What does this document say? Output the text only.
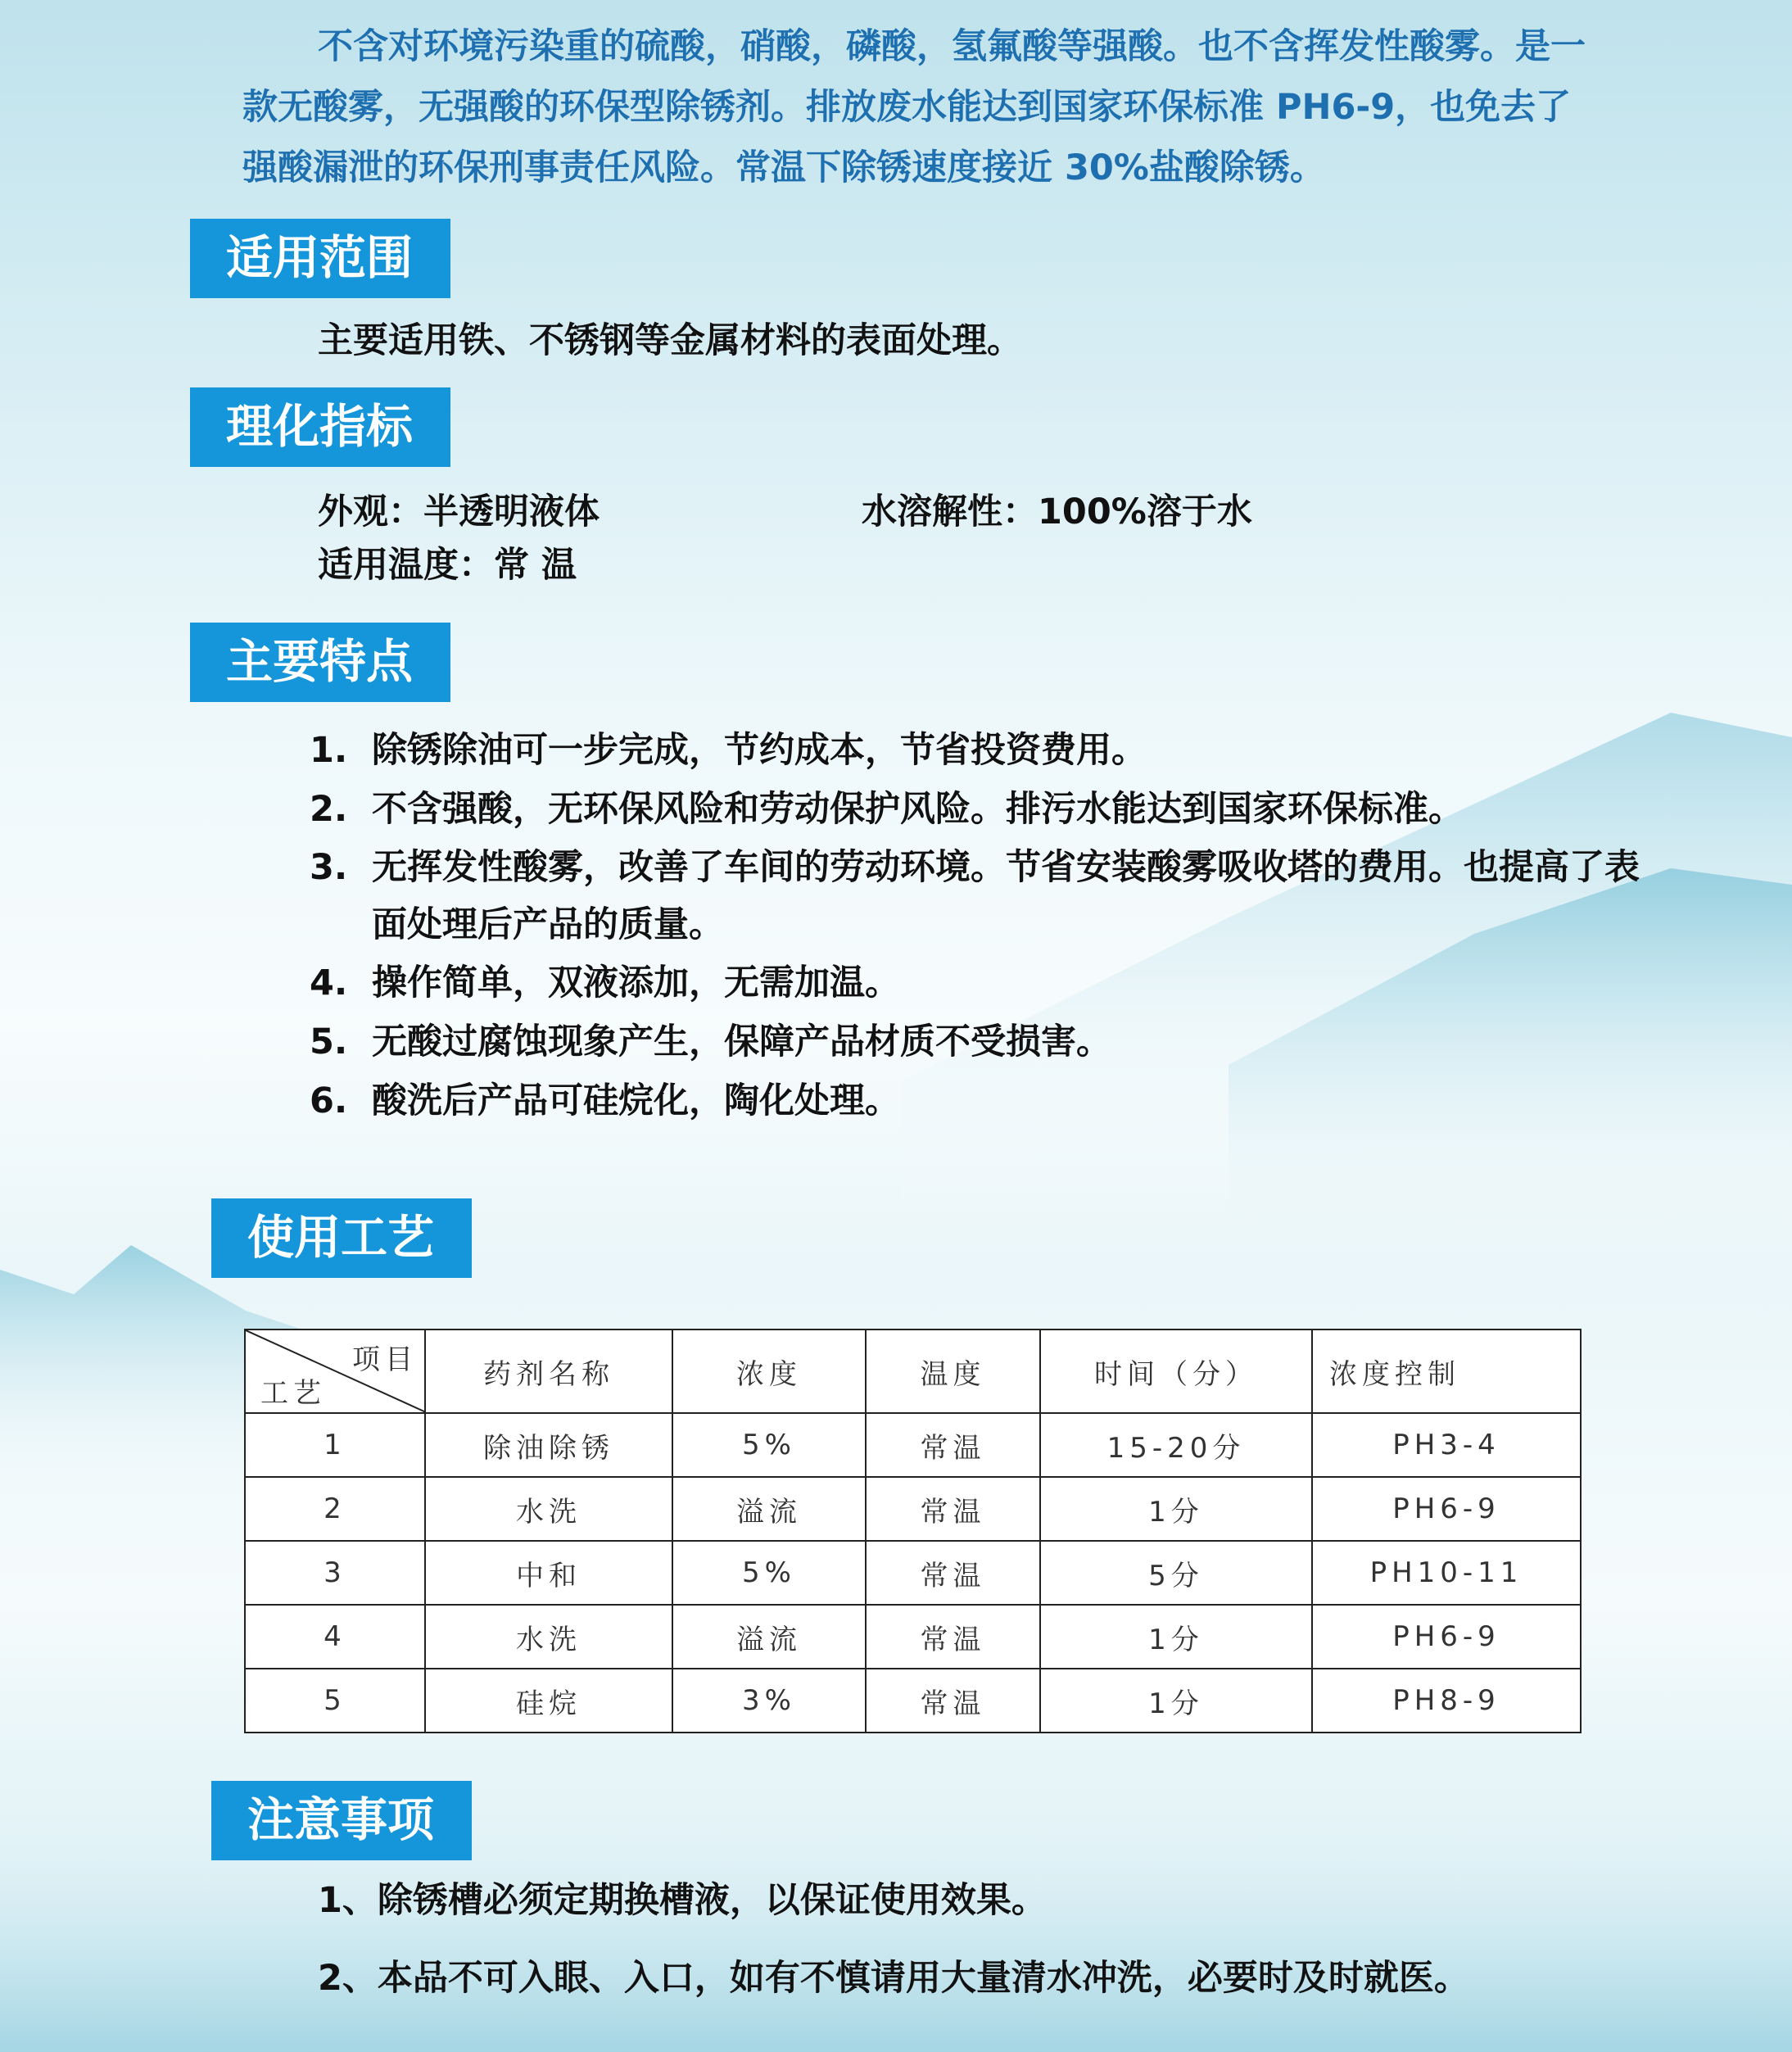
不含对环境污染重的硫酸，硝酸，磷酸，氢氟酸等强酸。也不含挥发性酸雾。是一

款无酸雾，无强酸的环保型除锈剂。排放废水能达到国家环保标准 PH6-9，也免去了

强酸漏泄的环保刑事责任风险。常温下除锈速度接近 30%盐酸除锈。

适用范围
主要适用铁、不锈钢等金属材料的表面处理。
理化指标
外观：半透明液体	水溶解性：100%溶于水
适用温度：常 温
主要特点
1. 除锈除油可一步完成，节约成本，节省投资费用。
2. 不含强酸，无环保风险和劳动保护风险。排污水能达到国家环保标准。
3. 无挥发性酸雾，改善了车间的劳动环境。节省安装酸雾吸收塔的费用。也提高了表面处理后产品的质量。
4. 操作简单，双液添加，无需加温。
5. 无酸过腐蚀现象产生，保障产品材质不受损害。
6. 酸洗后产品可硅烷化，陶化处理。
使用工艺
项目
工艺	药剂名称	浓度	温度	时间（分）	浓度控制
1	除油除锈	5%	常温	15-20分	PH3-4
2	水洗	溢流	常温	1分	PH6-9
3	中和	5%	常温	5分	PH10-11
4	水洗	溢流	常温	1分	PH6-9
5	硅烷	3%	常温	1分	PH8-9
注意事项
1、除锈槽必须定期换槽液，以保证使用效果。
2、本品不可入眼、入口，如有不慎请用大量清水冲洗，必要时及时就医。
